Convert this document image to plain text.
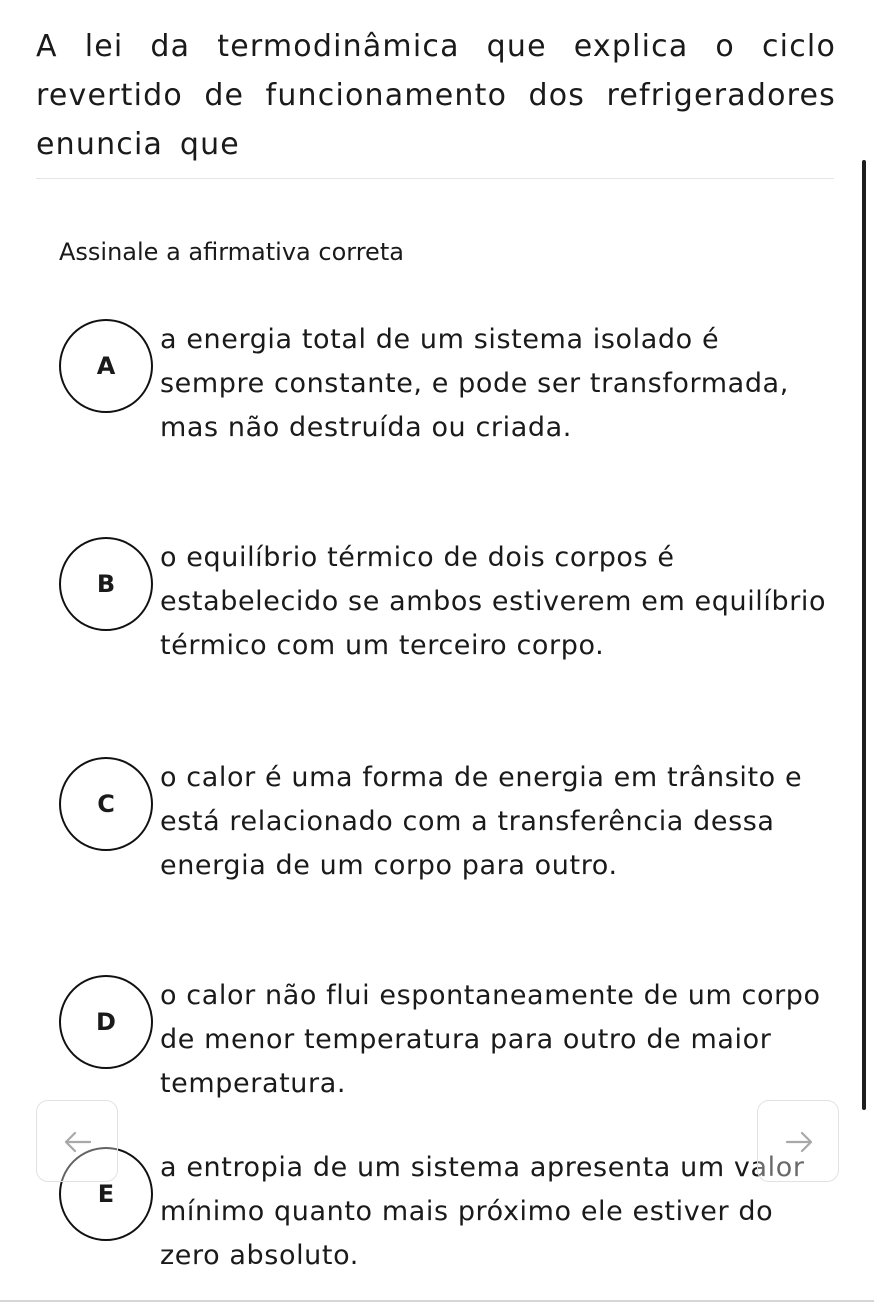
A lei da termodinâmica que explica o ciclo revertido de funcionamento dos refrigeradores enuncia que

Assinale a afirmativa correta

A

a energia total de um sistema isolado é sempre constante, e pode ser transformada, mas não destruída ou criada.

B

o equilíbrio térmico de dois corpos é estabelecido se ambos estiverem em equilíbrio térmico com um terceiro corpo.

C

o calor é uma forma de energia em trânsito e está relacionado com a transferência dessa energia de um corpo para outro.

D

o calor não flui espontaneamente de um corpo de menor temperatura para outro de maior temperatura.

E

a entropia de um sistema apresenta um valor mínimo quanto mais próximo ele estiver do zero absoluto.
